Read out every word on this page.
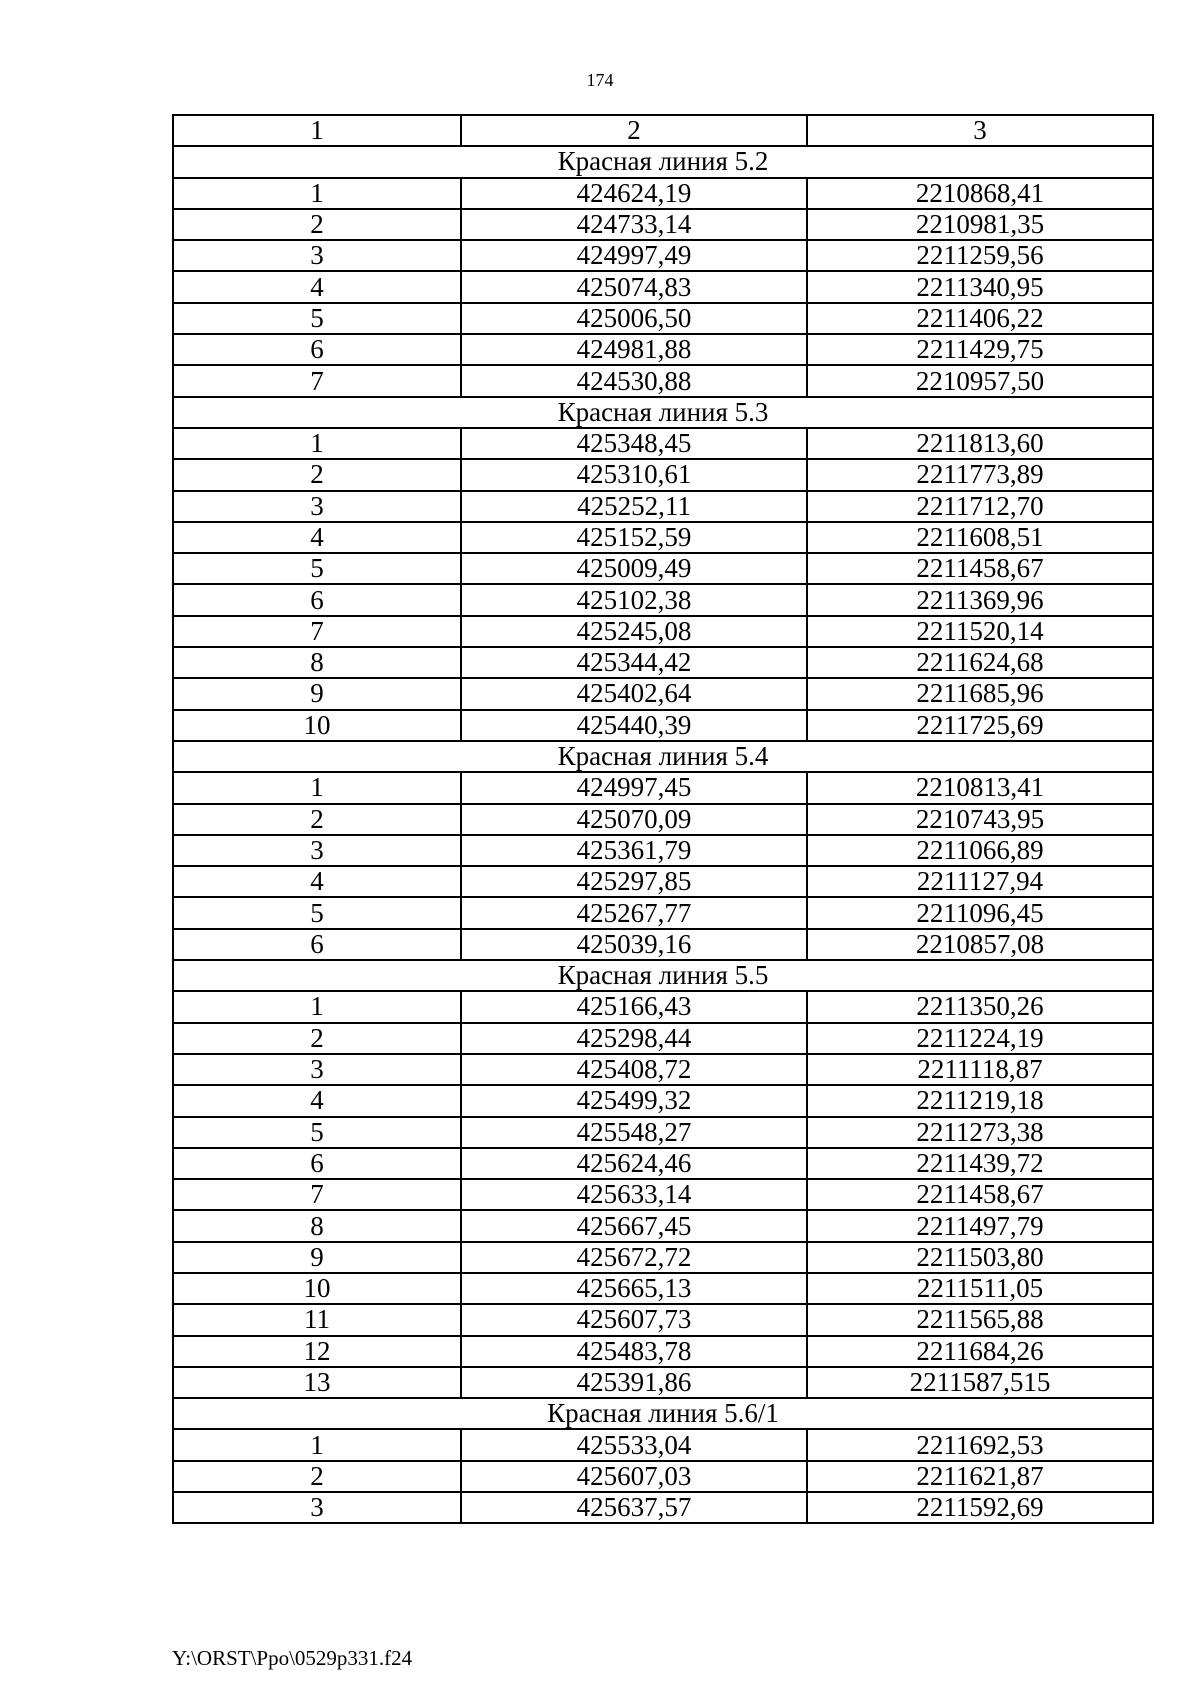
174
1	2	3
Красная линия 5.2		
1	424624,19	2210868,41
2	424733,14	2210981,35
3	424997,49	2211259,56
4	425074,83	2211340,95
5	425006,50	2211406,22
6	424981,88	2211429,75
7	424530,88	2210957,50
Красная линия 5.3		
1	425348,45	2211813,60
2	425310,61	2211773,89
3	425252,11	2211712,70
4	425152,59	2211608,51
5	425009,49	2211458,67
6	425102,38	2211369,96
7	425245,08	2211520,14
8	425344,42	2211624,68
9	425402,64	2211685,96
10	425440,39	2211725,69
Красная линия 5.4		
1	424997,45	2210813,41
2	425070,09	2210743,95
3	425361,79	2211066,89
4	425297,85	2211127,94
5	425267,77	2211096,45
6	425039,16	2210857,08
Красная линия 5.5		
1	425166,43	2211350,26
2	425298,44	2211224,19
3	425408,72	2211118,87
4	425499,32	2211219,18
5	425548,27	2211273,38
6	425624,46	2211439,72
7	425633,14	2211458,67
8	425667,45	2211497,79
9	425672,72	2211503,80
10	425665,13	2211511,05
11	425607,73	2211565,88
12	425483,78	2211684,26
13	425391,86	2211587,515
Красная линия 5.6/1		
1	425533,04	2211692,53
2	425607,03	2211621,87
3	425637,57	2211592,69
Y:\ORST\Ppo\0529p331.f24
